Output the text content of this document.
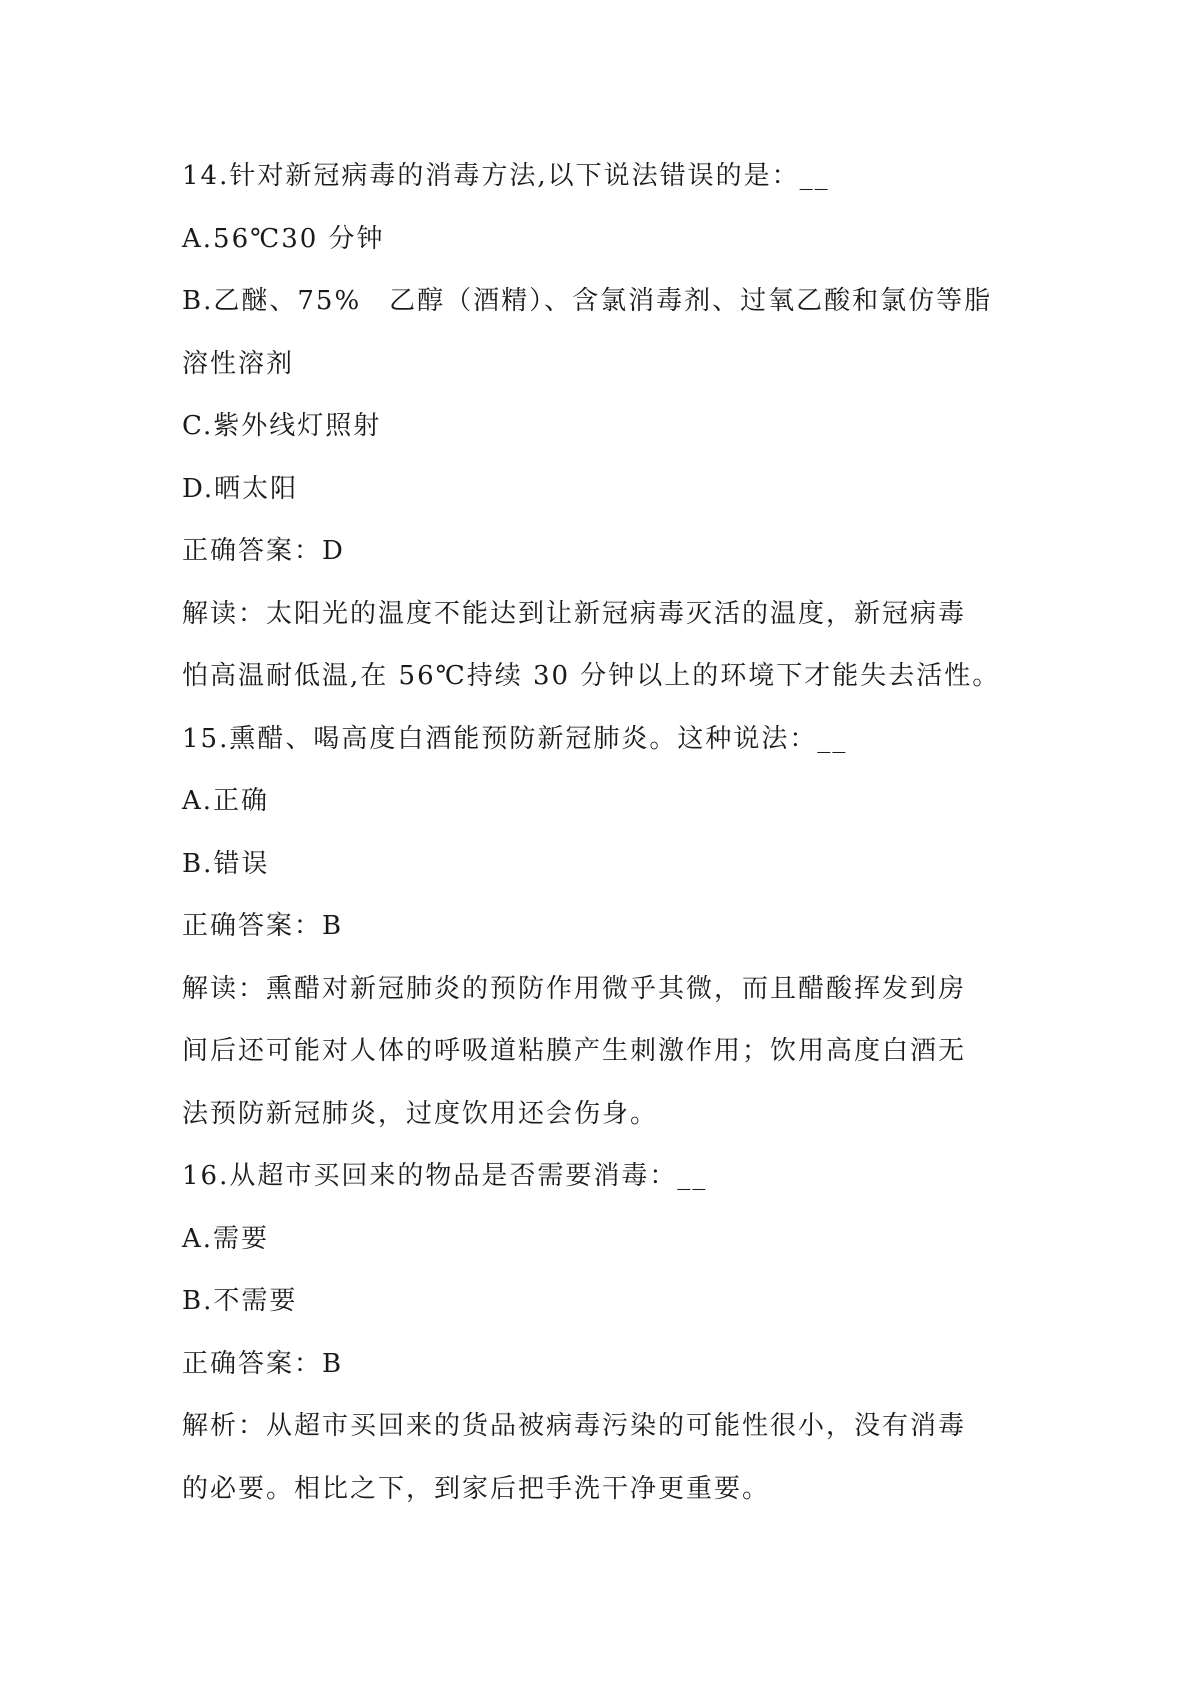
14.针对新冠病毒的消毒方法,以下说法错误的是：__
A.56℃30 分钟
B.乙醚、75%　乙醇（酒精）、含氯消毒剂、过氧乙酸和氯仿等脂
溶性溶剂
C.紫外线灯照射
D.晒太阳
正确答案：D
解读：太阳光的温度不能达到让新冠病毒灭活的温度，新冠病毒
怕高温耐低温,在 56℃持续 30 分钟以上的环境下才能失去活性。
15.熏醋、喝高度白酒能预防新冠肺炎。这种说法：__
A.正确
B.错误
正确答案：B
解读：熏醋对新冠肺炎的预防作用微乎其微，而且醋酸挥发到房
间后还可能对人体的呼吸道粘膜产生刺激作用；饮用高度白酒无
法预防新冠肺炎，过度饮用还会伤身。
16.从超市买回来的物品是否需要消毒：__
A.需要
B.不需要
正确答案：B
解析：从超市买回来的货品被病毒污染的可能性很小，没有消毒
的必要。相比之下，到家后把手洗干净更重要。
